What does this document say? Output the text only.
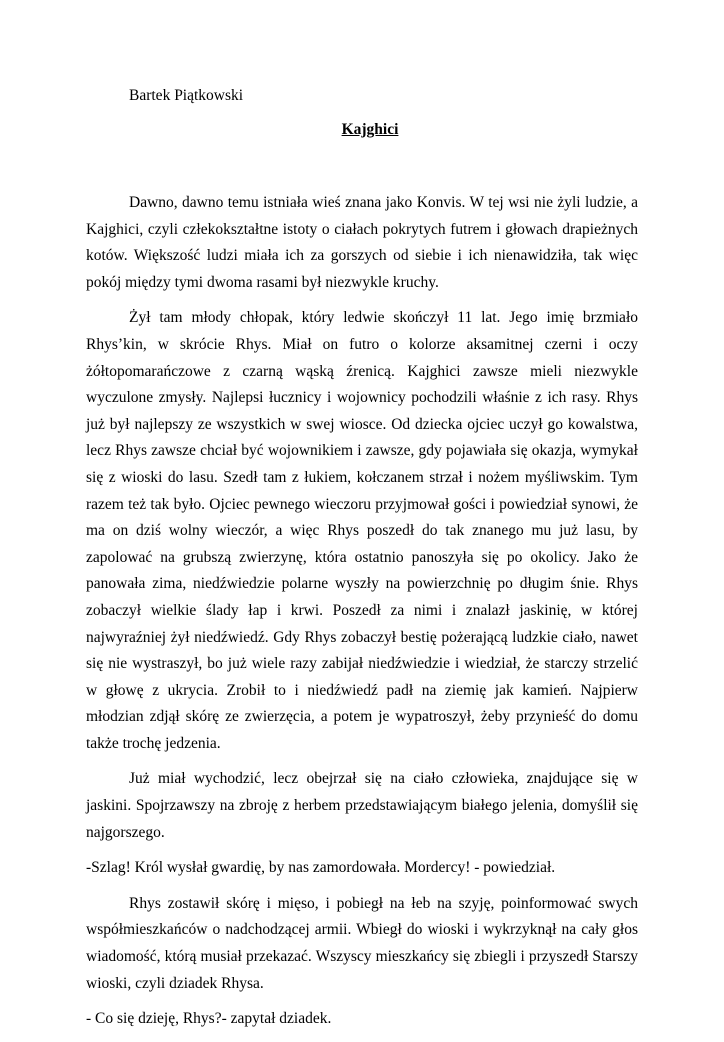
Bartek Piątkowski

Kajghici

Dawno, dawno temu istniała wieś znana jako Konvis. W tej wsi nie żyli ludzie, a Kajghici, czyli człekokształtne istoty o ciałach pokrytych futrem i głowach drapieżnych kotów. Większość ludzi miała ich za gorszych od siebie i ich nienawidziła, tak więc pokój między tymi dwoma rasami był niezwykle kruchy.

Żył tam młody chłopak, który ledwie skończył 11 lat. Jego imię brzmiało Rhys’kin, w skrócie Rhys. Miał on futro o kolorze aksamitnej czerni i oczy żółtopomarańczowe z czarną wąską źrenicą. Kajghici zawsze mieli niezwykle wyczulone zmysły. Najlepsi łucznicy i wojownicy pochodzili właśnie z ich rasy. Rhys już był najlepszy ze wszystkich w swej wiosce. Od dziecka ojciec uczył go kowalstwa, lecz Rhys zawsze chciał być wojownikiem i zawsze, gdy pojawiała się okazja, wymykał się z wioski do lasu. Szedł tam z łukiem, kołczanem strzał i nożem myśliwskim. Tym razem też tak było. Ojciec pewnego wieczoru przyjmował gości i powiedział synowi, że ma on dziś wolny wieczór, a więc Rhys poszedł do tak znanego mu już lasu, by zapolować na grubszą zwierzynę, która ostatnio panoszyła się po okolicy. Jako że panowała zima, niedźwiedzie polarne wyszły na powierzchnię po długim śnie. Rhys zobaczył wielkie ślady łap i krwi. Poszedł za nimi i znalazł jaskinię, w której najwyraźniej żył niedźwiedź. Gdy Rhys zobaczył bestię pożerającą ludzkie ciało, nawet się nie wystraszył, bo już wiele razy zabijał niedźwiedzie i wiedział, że starczy strzelić w głowę z ukrycia. Zrobił to i niedźwiedź padł na ziemię jak kamień. Najpierw młodzian zdjął skórę ze zwierzęcia, a potem je wypatroszył, żeby przynieść do domu także trochę jedzenia.

Już miał wychodzić, lecz obejrzał się na ciało człowieka, znajdujące się w jaskini. Spojrzawszy na zbroję z herbem przedstawiającym białego jelenia, domyślił się najgorszego.

-Szlag! Król wysłał gwardię, by nas zamordowała. Mordercy! - powiedział.

Rhys zostawił skórę i mięso, i pobiegł na łeb na szyję, poinformować swych współmieszkańców o nadchodzącej armii. Wbiegł do wioski i wykrzyknął na cały głos wiadomość, którą musiał przekazać. Wszyscy mieszkańcy się zbiegli i przyszedł Starszy wioski, czyli dziadek Rhysa.

- Co się dzieję, Rhys?- zapytał dziadek.
